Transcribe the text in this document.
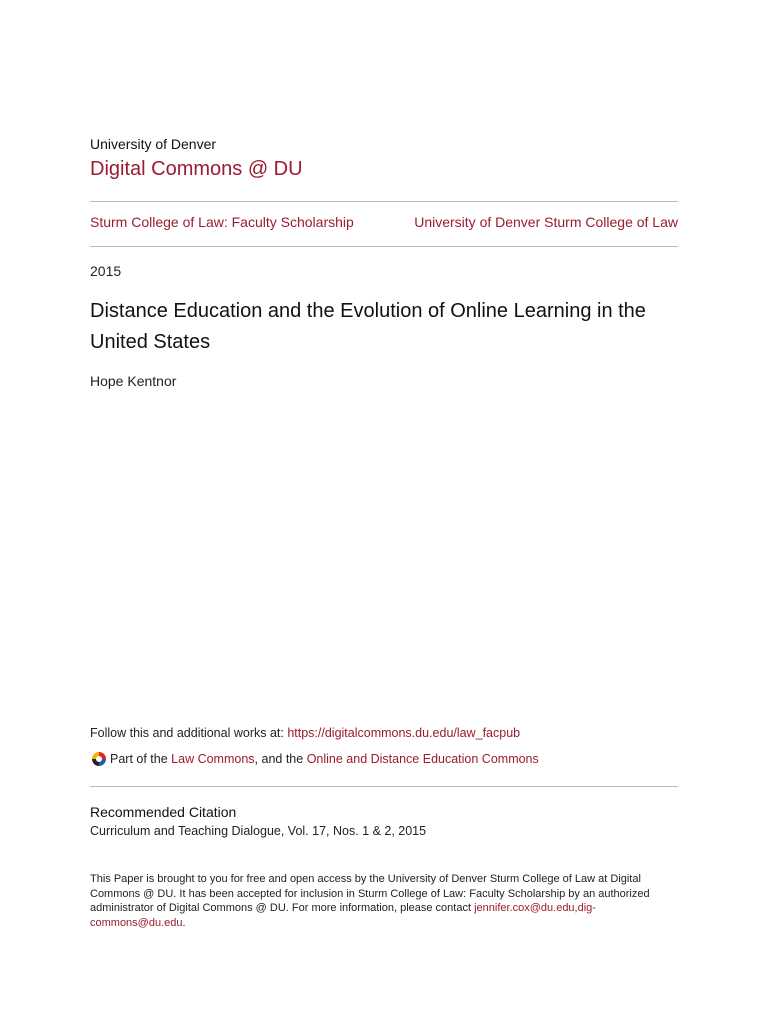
University of Denver
Digital Commons @ DU
Sturm College of Law: Faculty Scholarship	University of Denver Sturm College of Law
2015
Distance Education and the Evolution of Online Learning in the United States
Hope Kentnor
Follow this and additional works at: https://digitalcommons.du.edu/law_facpub
Part of the
Law Commons , and the
Online and Distance Education Commons
Recommended Citation
Curriculum and Teaching Dialogue, Vol. 17, Nos. 1 & 2, 2015
This Paper is brought to you for free and open access by the University of Denver Sturm College of Law at Digital Commons @ DU. It has been accepted for inclusion in Sturm College of Law: Faculty Scholarship by an authorized administrator of Digital Commons @ DU. For more information, please contact jennifer.cox@du.edu,dig-commons@du.edu.
